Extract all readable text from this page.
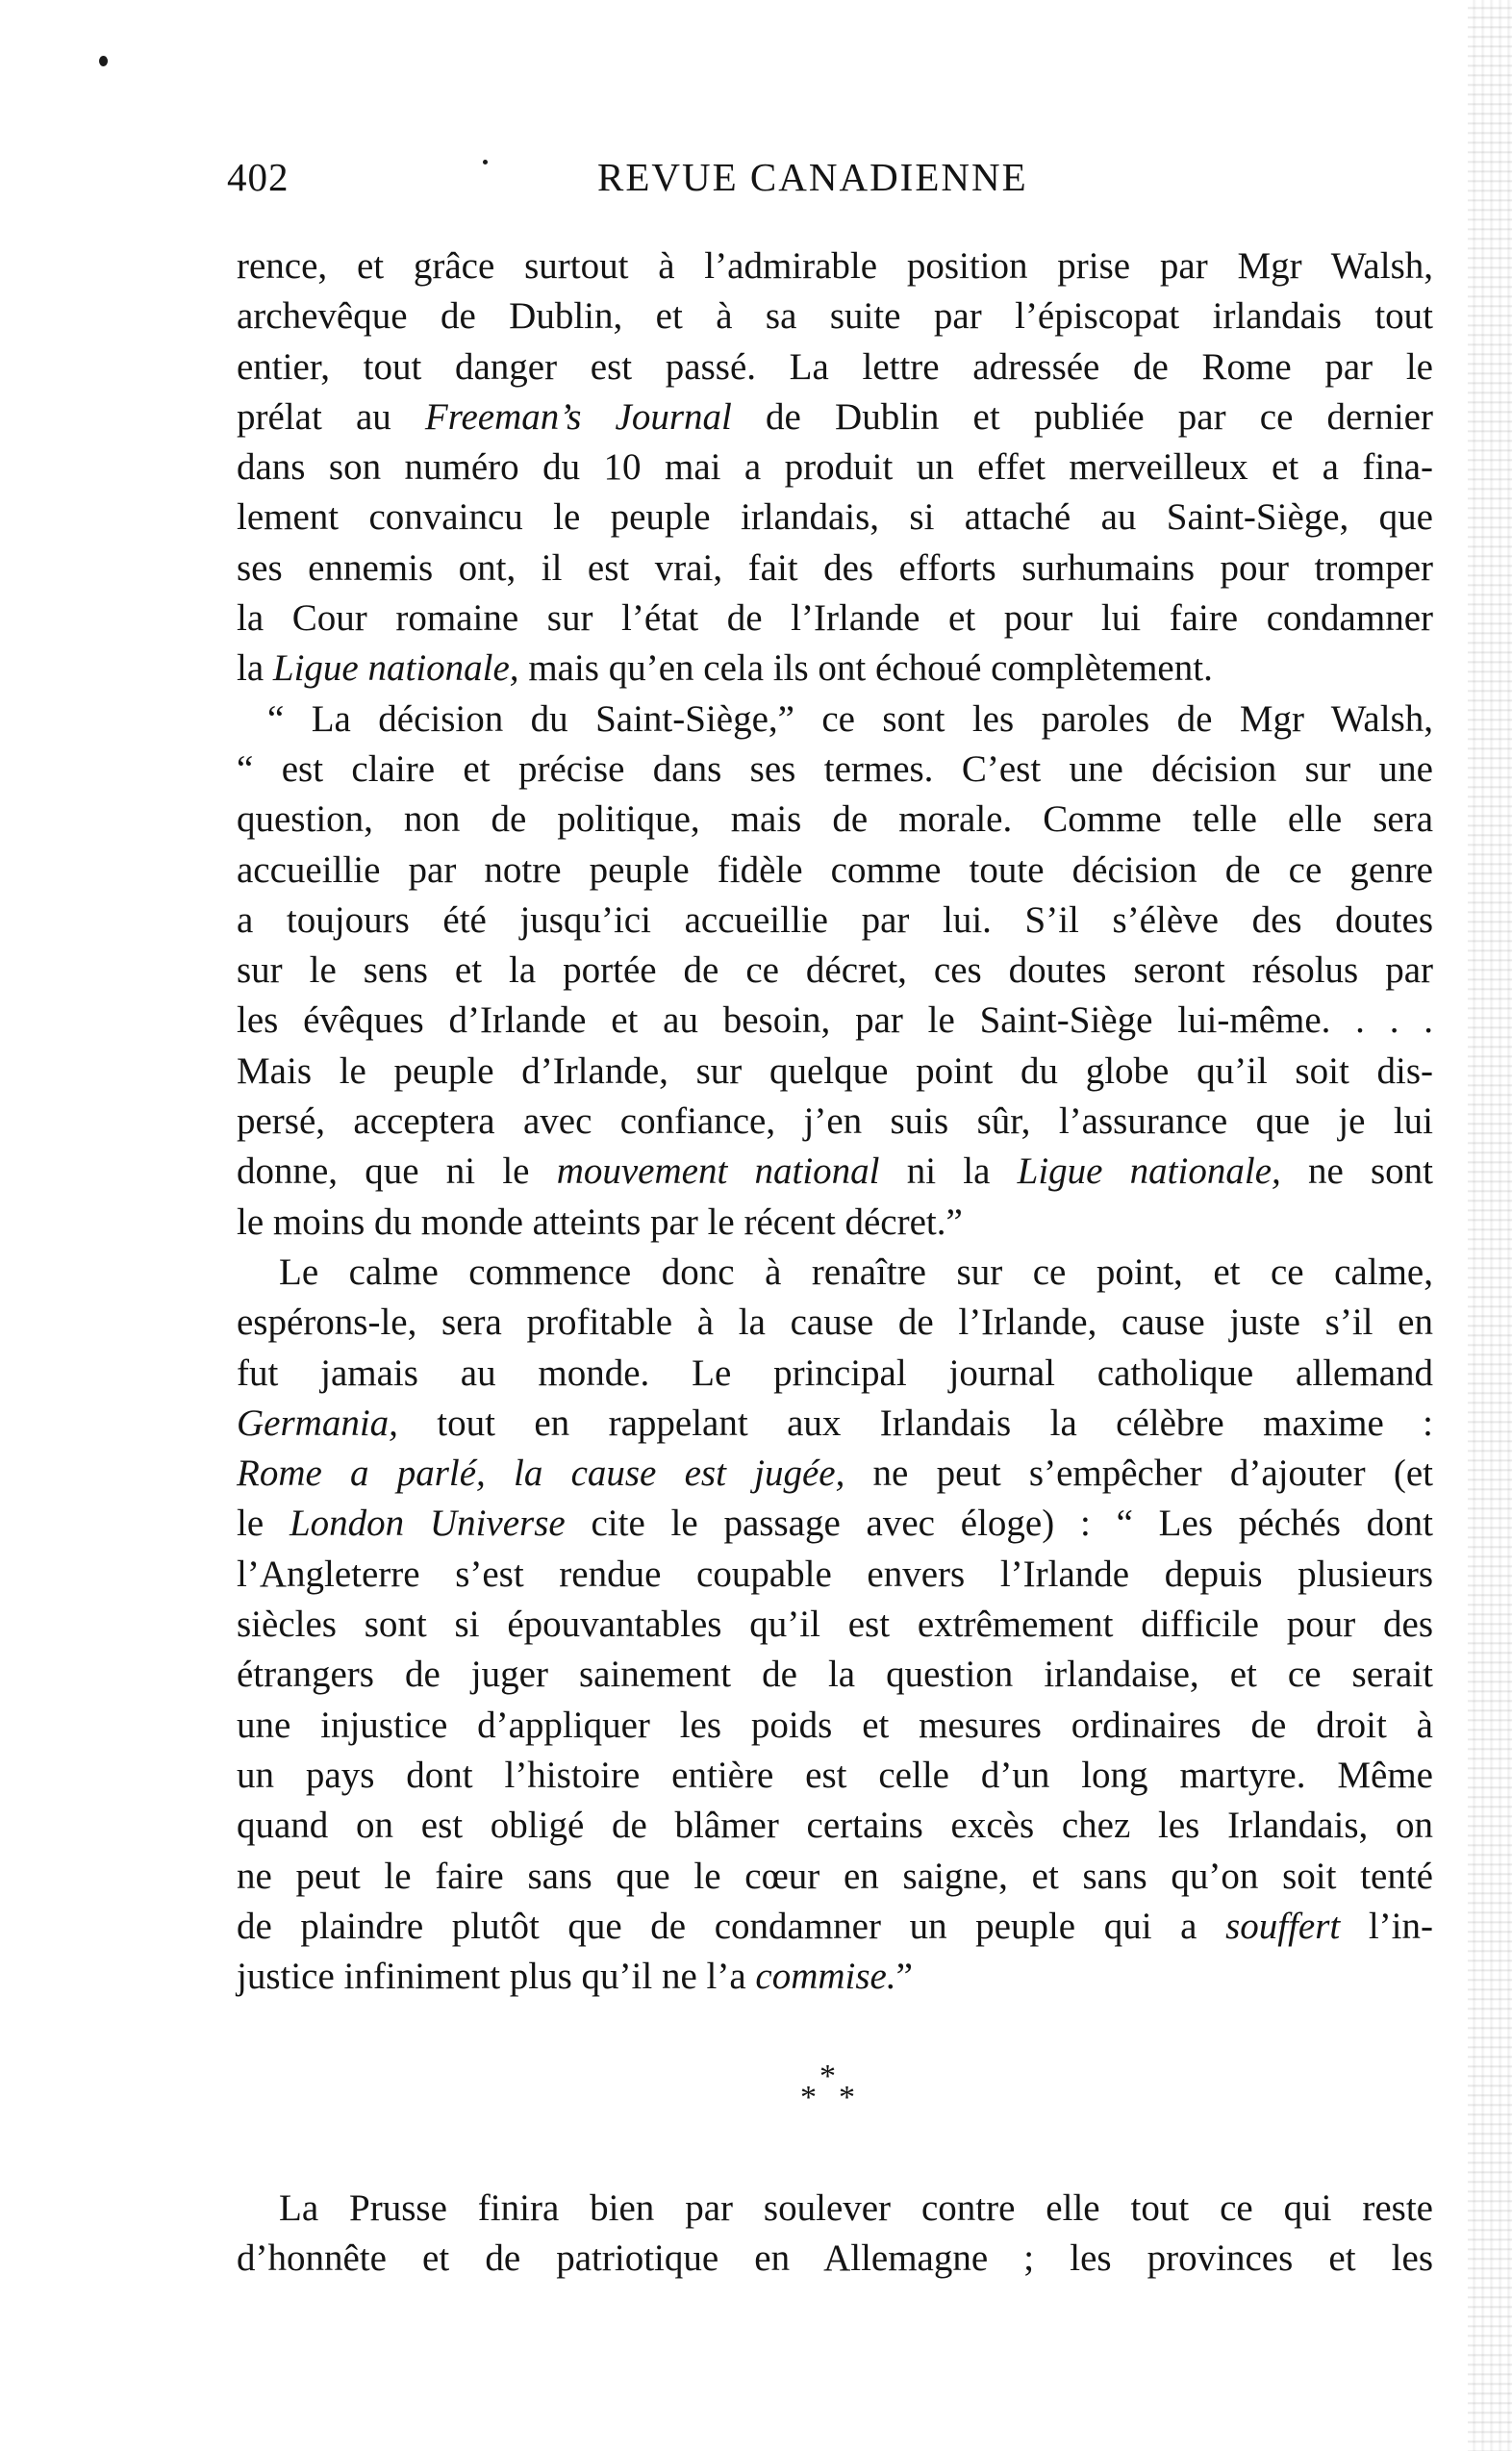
402	REVUE CANADIENNE
rence, et grâce surtout à l’admirable position prise par Mgr Walsh,
archevêque de Dublin, et à sa suite par l’épiscopat irlandais tout
entier, tout danger est passé. La lettre adressée de Rome par le
prélat au Freeman’s Journal de Dublin et publiée par ce dernier
dans son numéro du 10 mai a produit un effet merveilleux et a fina-
lement convaincu le peuple irlandais, si attaché au Saint-Siège, que
ses ennemis ont, il est vrai, fait des efforts surhumains pour tromper
la Cour romaine sur l’état de l’Irlande et pour lui faire condamner
la Ligue nationale, mais qu’en cela ils ont échoué complètement.
“ La décision du Saint-Siège,” ce sont les paroles de Mgr Walsh,
“ est claire et précise dans ses termes. C’est une décision sur une
question, non de politique, mais de morale. Comme telle elle sera
accueillie par notre peuple fidèle comme toute décision de ce genre
a toujours été jusqu’ici accueillie par lui. S’il s’élève des doutes
sur le sens et la portée de ce décret, ces doutes seront résolus par
les évêques d’Irlande et au besoin, par le Saint-Siège lui-même. . . .
Mais le peuple d’Irlande, sur quelque point du globe qu’il soit dis-
persé, acceptera avec confiance, j’en suis sûr, l’assurance que je lui
donne, que ni le mouvement national ni la Ligue nationale, ne sont
le moins du monde atteints par le récent décret.”
Le calme commence donc à renaître sur ce point, et ce calme,
espérons-le, sera profitable à la cause de l’Irlande, cause juste s’il en
fut jamais au monde. Le principal journal catholique allemand
Germania, tout en rappelant aux Irlandais la célèbre maxime :
Rome a parlé, la cause est jugée, ne peut s’empêcher d’ajouter (et
le London Universe cite le passage avec éloge) : “ Les péchés dont
l’Angleterre s’est rendue coupable envers l’Irlande depuis plusieurs
siècles sont si épouvantables qu’il est extrêmement difficile pour des
étrangers de juger sainement de la question irlandaise, et ce serait
une injustice d’appliquer les poids et mesures ordinaires de droit à
un pays dont l’histoire entière est celle d’un long martyre. Même
quand on est obligé de blâmer certains excès chez les Irlandais, on
ne peut le faire sans que le cœur en saigne, et sans qu’on soit tenté
de plaindre plutôt que de condamner un peuple qui a souffert l’in-
justice infiniment plus qu’il ne l’a commise.”
*
* *
La Prusse finira bien par soulever contre elle tout ce qui reste
d’honnête et de patriotique en Allemagne ; les provinces et les
